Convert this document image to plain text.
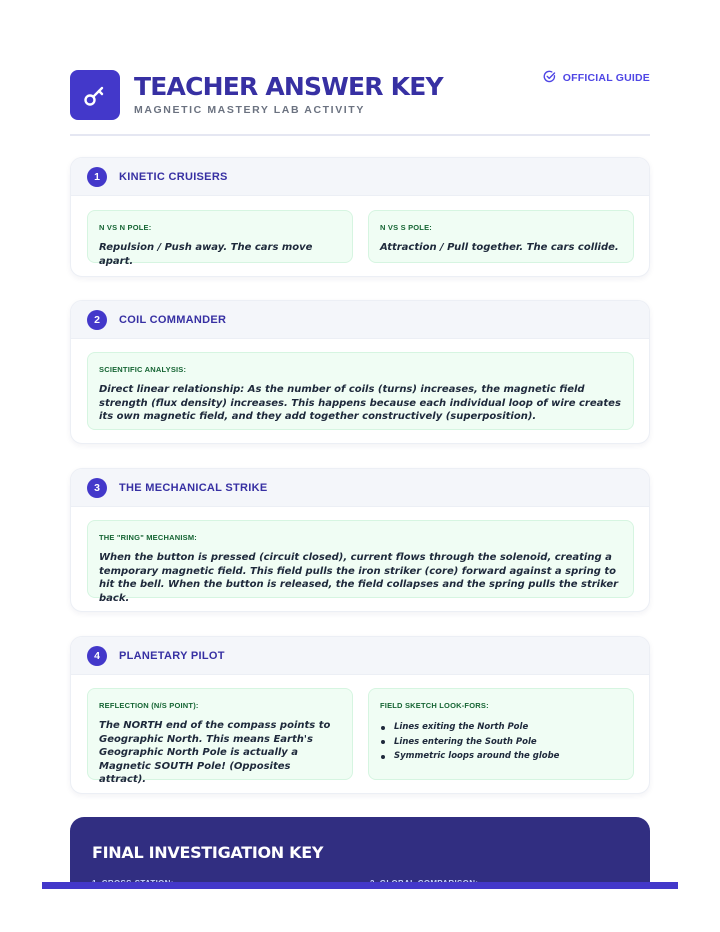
TEACHER ANSWER KEY
MAGNETIC MASTERY LAB ACTIVITY
OFFICIAL GUIDE
1	KINETIC CRUISERS
N VS N POLE:
Repulsion / Push away. The cars move apart.
N VS S POLE:
Attraction / Pull together. The cars collide.
2	COIL COMMANDER
SCIENTIFIC ANALYSIS:
Direct linear relationship: As the number of coils (turns) increases, the magnetic field strength (flux density) increases. This happens because each individual loop of wire creates its own magnetic field, and they add together constructively (superposition).
3	THE MECHANICAL STRIKE
THE "RING" MECHANISM:
When the button is pressed (circuit closed), current flows through the solenoid, creating a temporary magnetic field. This field pulls the iron striker (core) forward against a spring to hit the bell. When the button is released, the field collapses and the spring pulls the striker back.
4	PLANETARY PILOT
REFLECTION (N/S POINT):
The NORTH end of the compass points to Geographic North. This means Earth's Geographic North Pole is actually a Magnetic SOUTH Pole! (Opposites attract).
FIELD SKETCH LOOK-FORS:
Lines exiting the North Pole
Lines entering the South Pole
Symmetric loops around the globe
FINAL INVESTIGATION KEY
